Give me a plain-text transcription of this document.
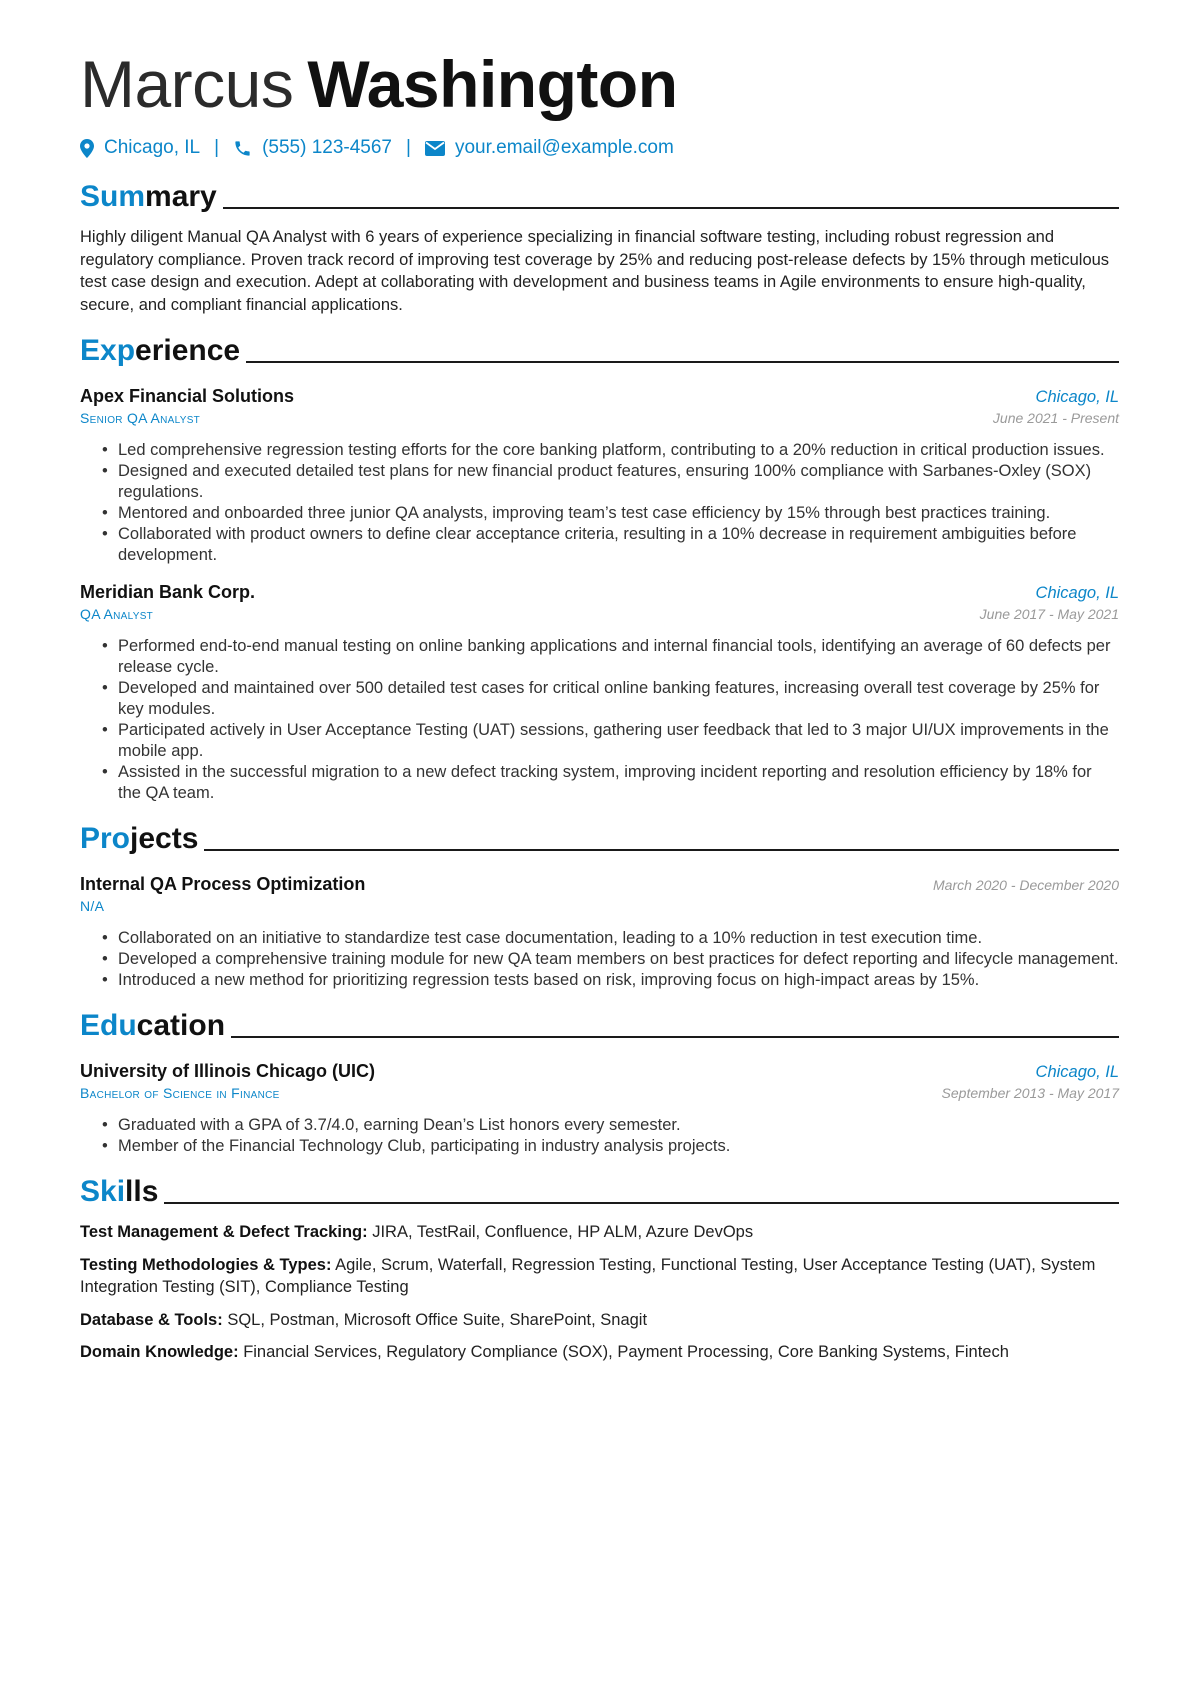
Marcus Washington
Chicago, IL | (555) 123-4567 | your.email@example.com
Summary
Highly diligent Manual QA Analyst with 6 years of experience specializing in financial software testing, including robust regression and regulatory compliance. Proven track record of improving test coverage by 25% and reducing post-release defects by 15% through meticulous test case design and execution. Adept at collaborating with development and business teams in Agile environments to ensure high-quality, secure, and compliant financial applications.
Experience
Apex Financial Solutions	Chicago, IL
Senior QA Analyst	June 2021 - Present
• Led comprehensive regression testing efforts for the core banking platform, contributing to a 20% reduction in critical production issues.
• Designed and executed detailed test plans for new financial product features, ensuring 100% compliance with Sarbanes-Oxley (SOX) regulations.
• Mentored and onboarded three junior QA analysts, improving team’s test case efficiency by 15% through best practices training.
• Collaborated with product owners to define clear acceptance criteria, resulting in a 10% decrease in requirement ambiguities before development.
Meridian Bank Corp.	Chicago, IL
QA Analyst	June 2017 - May 2021
• Performed end-to-end manual testing on online banking applications and internal financial tools, identifying an average of 60 defects per release cycle.
• Developed and maintained over 500 detailed test cases for critical online banking features, increasing overall test coverage by 25% for key modules.
• Participated actively in User Acceptance Testing (UAT) sessions, gathering user feedback that led to 3 major UI/UX improvements in the mobile app.
• Assisted in the successful migration to a new defect tracking system, improving incident reporting and resolution efficiency by 18% for the QA team.
Projects
Internal QA Process Optimization	March 2020 - December 2020
N/A
• Collaborated on an initiative to standardize test case documentation, leading to a 10% reduction in test execution time.
• Developed a comprehensive training module for new QA team members on best practices for defect reporting and lifecycle management.
• Introduced a new method for prioritizing regression tests based on risk, improving focus on high-impact areas by 15%.
Education
University of Illinois Chicago (UIC)	Chicago, IL
Bachelor of Science in Finance	September 2013 - May 2017
• Graduated with a GPA of 3.7/4.0, earning Dean’s List honors every semester.
• Member of the Financial Technology Club, participating in industry analysis projects.
Skills
Test Management & Defect Tracking: JIRA, TestRail, Confluence, HP ALM, Azure DevOps
Testing Methodologies & Types: Agile, Scrum, Waterfall, Regression Testing, Functional Testing, User Acceptance Testing (UAT), System Integration Testing (SIT), Compliance Testing
Database & Tools: SQL, Postman, Microsoft Office Suite, SharePoint, Snagit
Domain Knowledge: Financial Services, Regulatory Compliance (SOX), Payment Processing, Core Banking Systems, Fintech
